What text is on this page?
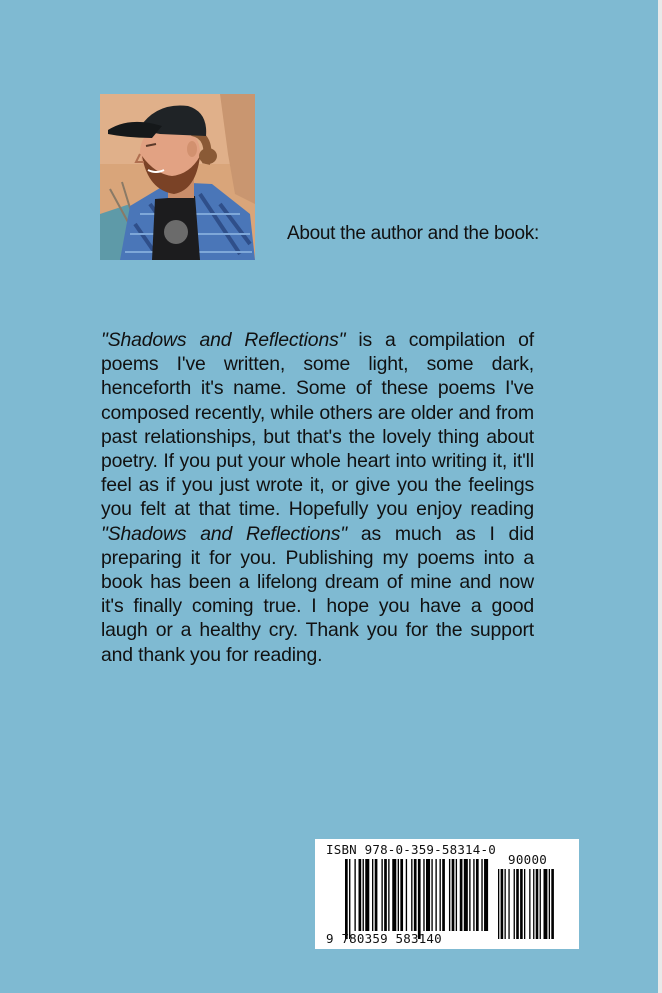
About the author and the book:
"Shadows and Reflections" is a compilation of poems I've written, some light, some dark, henceforth it's name. Some of these poems I've composed recently, while others are older and from past relationships, but that's the lovely thing about poetry. If you put your whole heart into writing it, it'll feel as if you just wrote it, or give you the feelings you felt at that time. Hopefully you enjoy reading "Shadows and Reflections" as much as I did preparing it for you. Publishing my poems into a book has been a lifelong dream of mine and now it's finally coming true. I hope you have a good laugh or a healthy cry. Thank you for the support and thank you for reading.
ISBN 978-0-359-58314-0
90000
9 780359 583140
